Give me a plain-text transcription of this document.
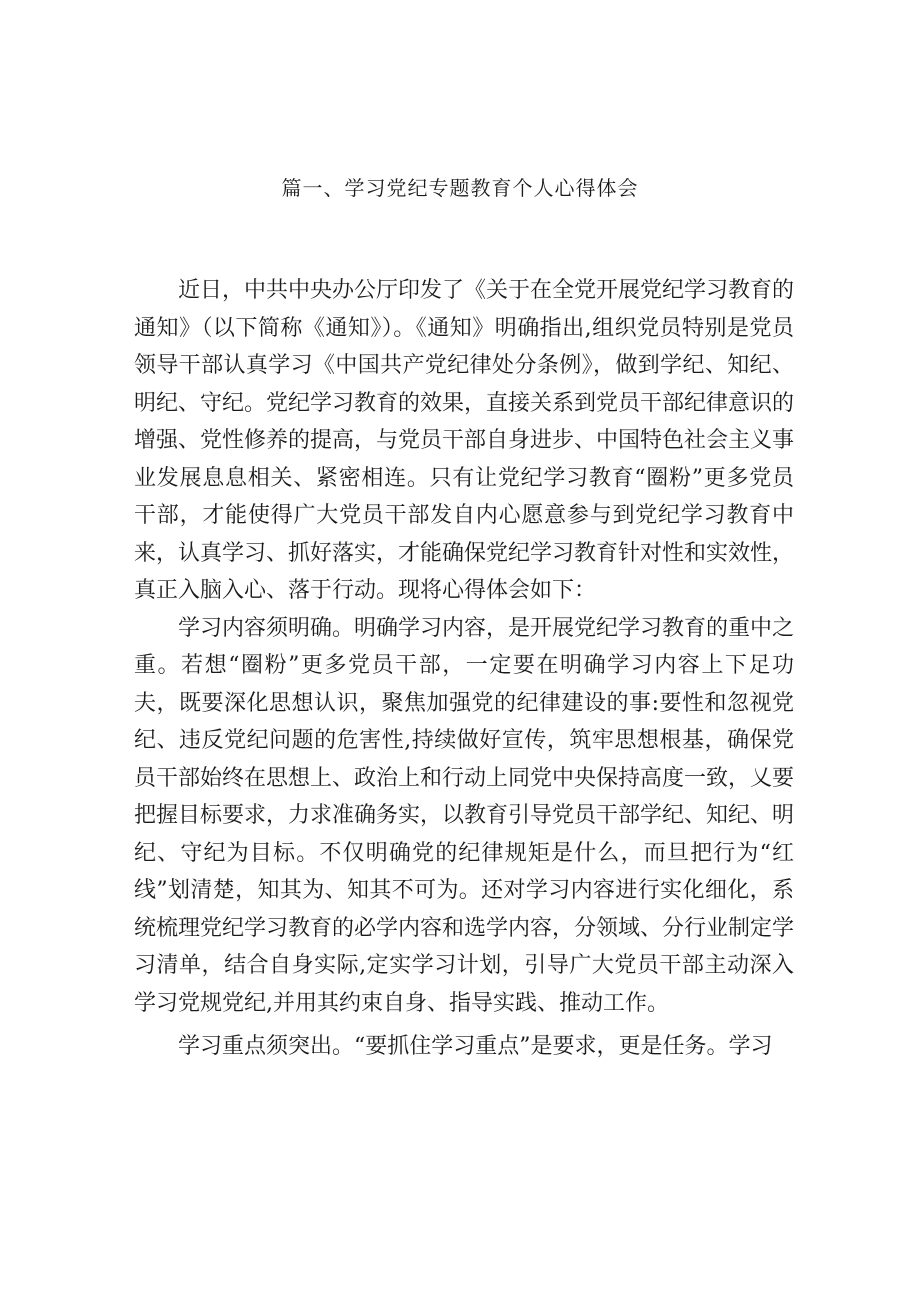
篇一、学习党纪专题教育个人心得体会

近日，中共中央办公厅印发了《关于在全党开展党纪学习教育的通知》（以下简称《通知》）。《通知》明确指出,组织党员特别是党员领导干部认真学习《中国共产党纪律处分条例》，做到学纪、知纪、明纪、守纪。党纪学习教育的效果，直接关系到党员干部纪律意识的增强、党性修养的提高，与党员干部自身进步、中国特色社会主义事业发展息息相关、紧密相连。只有让党纪学习教育“圈粉”更多党员干部，才能使得广大党员干部发自内心愿意参与到党纪学习教育中来，认真学习、抓好落实，才能确保党纪学习教育针对性和实效性，真正入脑入心、落于行动。现将心得体会如下：

学习内容须明确。明确学习内容，是开展党纪学习教育的重中之重。若想“圈粉”更多党员干部，一定要在明确学习内容上下足功夫，既要深化思想认识，聚焦加强党的纪律建设的事:要性和忽视党纪、违反党纪问题的危害性,持续做好宣传，筑牢思想根基，确保党员干部始终在思想上、政治上和行动上同党中央保持高度一致，乂要把握目标要求，力求准确务实，以教育引导党员干部学纪、知纪、明纪、守纪为目标。不仅明确党的纪律规矩是什么，而旦把行为“红线”划清楚，知其为、知其不可为。还对学习内容进行实化细化，系统梳理党纪学习教育的必学内容和选学内容，分领域、分行业制定学习清单，结合自身实际,定实学习计划，引导广大党员干部主动深入学习党规党纪,并用其约束自身、指导实践、推动工作。

学习重点须突出。“要抓住学习重点”是要求，更是任务。学习
